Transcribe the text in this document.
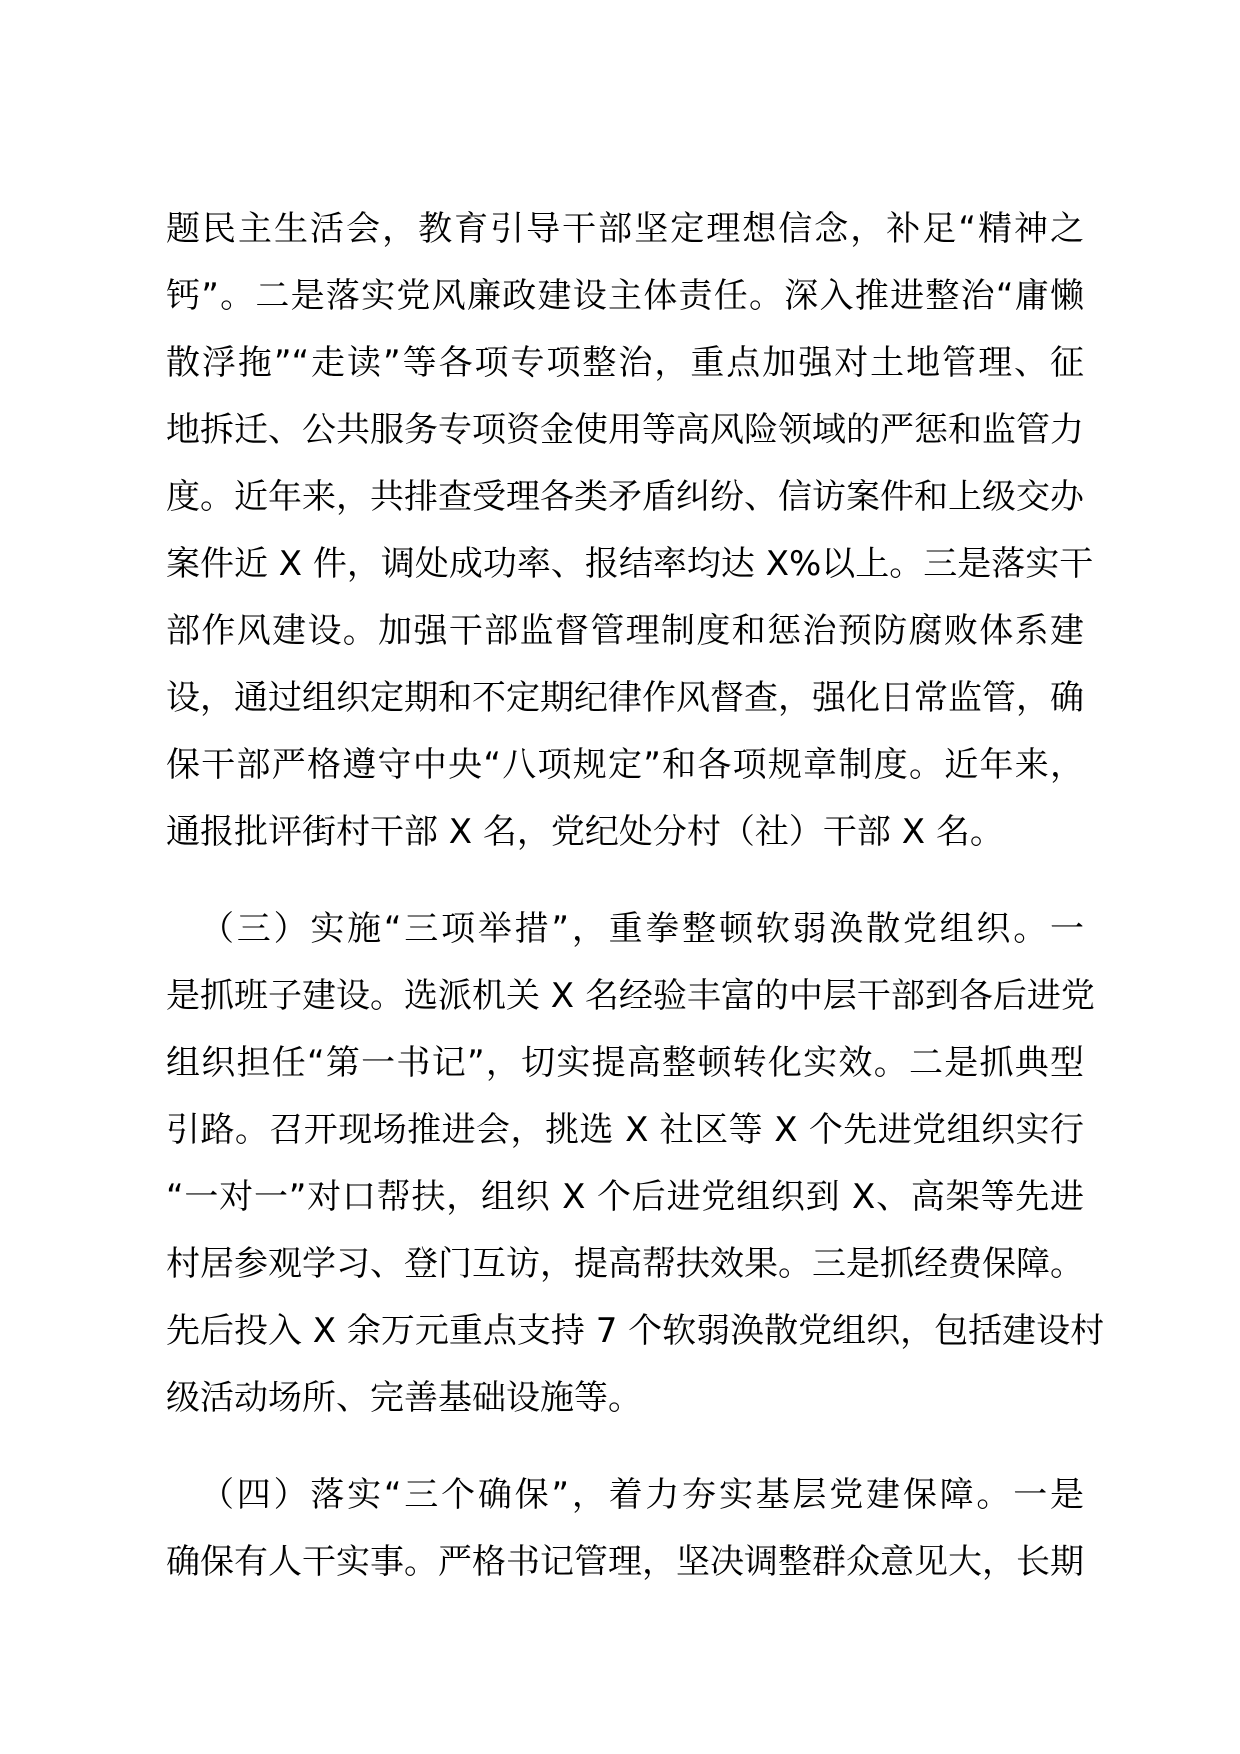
题民主生活会，教育引导干部坚定理想信念，补足“精神之
钙”。二是落实党风廉政建设主体责任。深入推进整治“庸懒
散浮拖”“走读”等各项专项整治，重点加强对土地管理、征
地拆迁、公共服务专项资金使用等高风险领域的严惩和监管力
度。近年来，共排查受理各类矛盾纠纷、信访案件和上级交办
案件近 X 件，调处成功率、报结率均达 X%以上。三是落实干
部作风建设。加强干部监督管理制度和惩治预防腐败体系建
设，通过组织定期和不定期纪律作风督查，强化日常监管，确
保干部严格遵守中央“八项规定”和各项规章制度。近年来，
通报批评街村干部 X 名，党纪处分村（社）干部 X 名。
（三）实施“三项举措”，重拳整顿软弱涣散党组织。一
是抓班子建设。选派机关 X 名经验丰富的中层干部到各后进党
组织担任“第一书记”，切实提高整顿转化实效。二是抓典型
引路。召开现场推进会，挑选 X 社区等 X 个先进党组织实行
“一对一”对口帮扶，组织 X 个后进党组织到 X、高架等先进
村居参观学习、登门互访，提高帮扶效果。三是抓经费保障。
先后投入 X 余万元重点支持 7 个软弱涣散党组织，包括建设村
级活动场所、完善基础设施等。
（四）落实“三个确保”，着力夯实基层党建保障。一是
确保有人干实事。严格书记管理，坚决调整群众意见大，长期
